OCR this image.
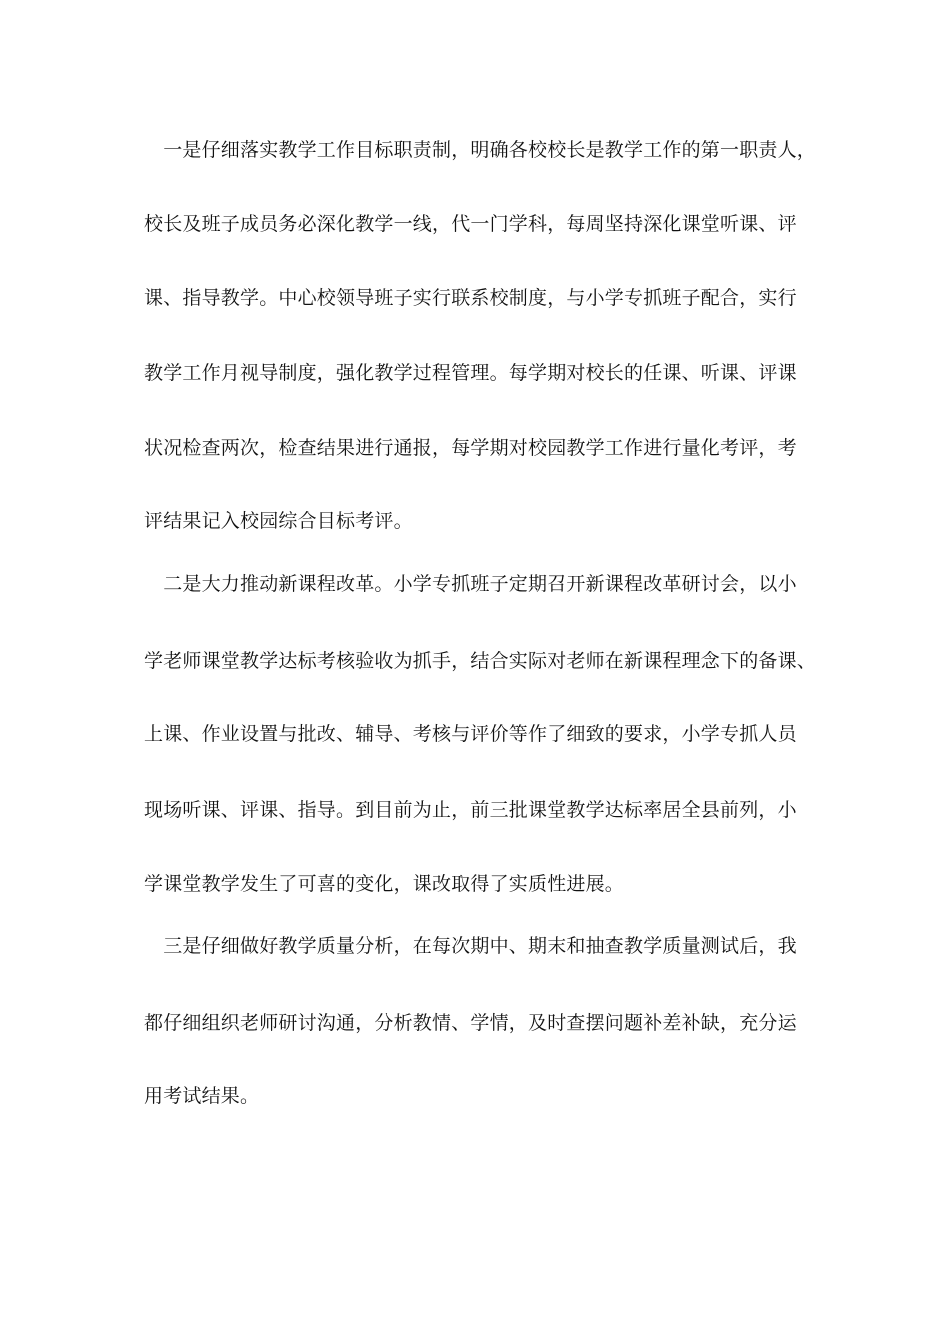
　一是仔细落实教学工作目标职责制，明确各校校长是教学工作的第一职责人，
校长及班子成员务必深化教学一线，代一门学科，每周坚持深化课堂听课、评
课、指导教学。中心校领导班子实行联系校制度，与小学专抓班子配合，实行
教学工作月视导制度，强化教学过程管理。每学期对校长的任课、听课、评课
状况检查两次，检查结果进行通报，每学期对校园教学工作进行量化考评，考
评结果记入校园综合目标考评。
　二是大力推动新课程改革。小学专抓班子定期召开新课程改革研讨会，以小
学老师课堂教学达标考核验收为抓手，结合实际对老师在新课程理念下的备课、
上课、作业设置与批改、辅导、考核与评价等作了细致的要求，小学专抓人员
现场听课、评课、指导。到目前为止，前三批课堂教学达标率居全县前列，小
学课堂教学发生了可喜的变化，课改取得了实质性进展。
　三是仔细做好教学质量分析，在每次期中、期末和抽查教学质量测试后，我
都仔细组织老师研讨沟通，分析教情、学情，及时查摆问题补差补缺，充分运
用考试结果。
